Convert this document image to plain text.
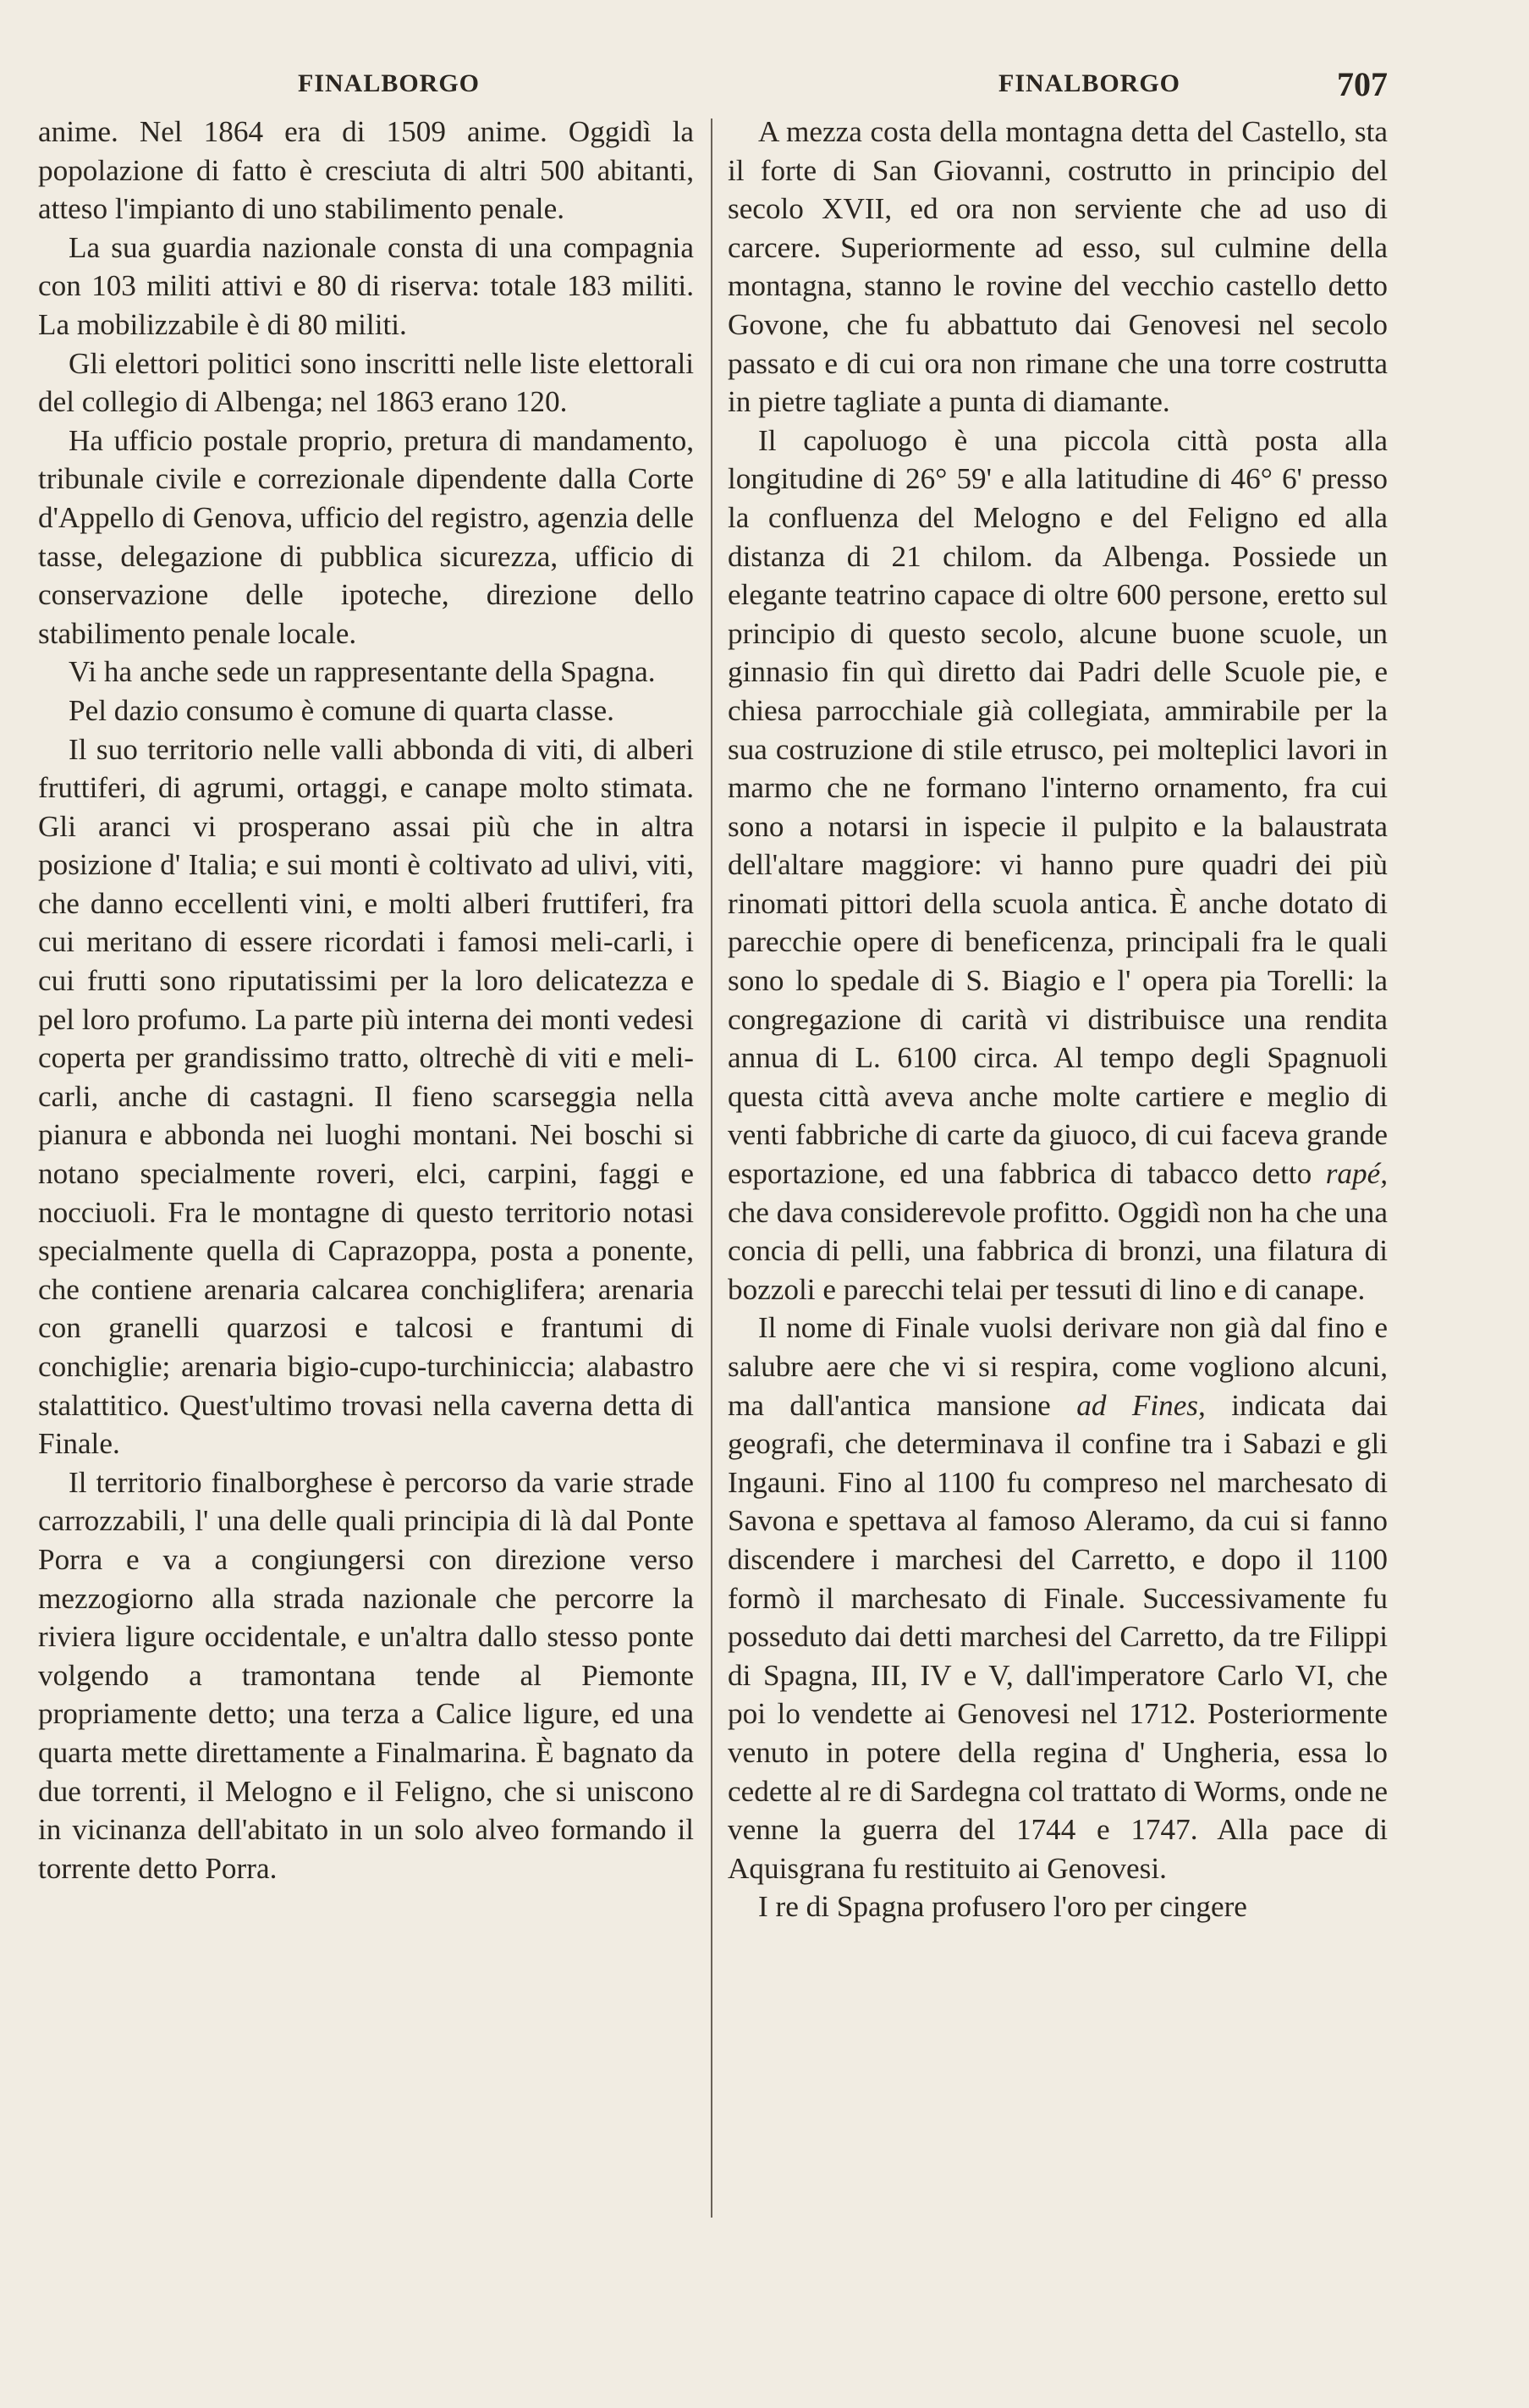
FINALBORGO	FINALBORGO	707

anime. Nel 1864 era di 1509 anime. Oggidì la popolazione di fatto è cresciuta di altri 500 abitanti, atteso l'impianto di uno stabilimento penale.

La sua guardia nazionale consta di una compagnia con 103 militi attivi e 80 di riserva: totale 183 militi. La mobilizzabile è di 80 militi.

Gli elettori politici sono inscritti nelle liste elettorali del collegio di Albenga; nel 1863 erano 120.

Ha ufficio postale proprio, pretura di mandamento, tribunale civile e correzionale dipendente dalla Corte d'Appello di Genova, ufficio del registro, agenzia delle tasse, delegazione di pubblica sicurezza, ufficio di conservazione delle ipoteche, direzione dello stabilimento penale locale.

Vi ha anche sede un rappresentante della Spagna.

Pel dazio consumo è comune di quarta classe.

Il suo territorio nelle valli abbonda di viti, di alberi fruttiferi, di agrumi, ortaggi, e canape molto stimata. Gli aranci vi prosperano assai più che in altra posizione d' Italia; e sui monti è coltivato ad ulivi, viti, che danno eccellenti vini, e molti alberi fruttiferi, fra cui meritano di essere ricordati i famosi meli-carli, i cui frutti sono riputatissimi per la loro delicatezza e pel loro profumo. La parte più interna dei monti vedesi coperta per grandissimo tratto, oltrechè di viti e meli-carli, anche di castagni. Il fieno scarseggia nella pianura e abbonda nei luoghi montani. Nei boschi si notano specialmente roveri, elci, carpini, faggi e nocciuoli. Fra le montagne di questo territorio notasi specialmente quella di Caprazoppa, posta a ponente, che contiene arenaria calcarea conchiglifera; arenaria con granelli quarzosi e talcosi e frantumi di conchiglie; arenaria bigio-cupo-turchiniccia; alabastro stalattitico. Quest'ultimo trovasi nella caverna detta di Finale.

Il territorio finalborghese è percorso da varie strade carrozzabili, l' una delle quali principia di là dal Ponte Porra e va a congiungersi con direzione verso mezzogiorno alla strada nazionale che percorre la riviera ligure occidentale, e un'altra dallo stesso ponte volgendo a tramontana tende al Piemonte propriamente detto; una terza a Calice ligure, ed una quarta mette direttamente a Finalmarina. È bagnato da due torrenti, il Melogno e il Feligno, che si uniscono in vicinanza dell'abitato in un solo alveo formando il torrente detto Porra.

A mezza costa della montagna detta del Castello, sta il forte di San Giovanni, costrutto in principio del secolo XVII, ed ora non serviente che ad uso di carcere. Superiormente ad esso, sul culmine della montagna, stanno le rovine del vecchio castello detto Govone, che fu abbattuto dai Genovesi nel secolo passato e di cui ora non rimane che una torre costrutta in pietre tagliate a punta di diamante.

Il capoluogo è una piccola città posta alla longitudine di 26° 59' e alla latitudine di 46° 6' presso la confluenza del Melogno e del Feligno ed alla distanza di 21 chilom. da Albenga. Possiede un elegante teatrino capace di oltre 600 persone, eretto sul principio di questo secolo, alcune buone scuole, un ginnasio fin quì diretto dai Padri delle Scuole pie, e chiesa parrocchiale già collegiata, ammirabile per la sua costruzione di stile etrusco, pei molteplici lavori in marmo che ne formano l'interno ornamento, fra cui sono a notarsi in ispecie il pulpito e la balaustrata dell'altare maggiore: vi hanno pure quadri dei più rinomati pittori della scuola antica. È anche dotato di parecchie opere di beneficenza, principali fra le quali sono lo spedale di S. Biagio e l' opera pia Torelli: la congregazione di carità vi distribuisce una rendita annua di L. 6100 circa. Al tempo degli Spagnuoli questa città aveva anche molte cartiere e meglio di venti fabbriche di carte da giuoco, di cui faceva grande esportazione, ed una fabbrica di tabacco detto rapé, che dava considerevole profitto. Oggidì non ha che una concia di pelli, una fabbrica di bronzi, una filatura di bozzoli e parecchi telai per tessuti di lino e di canape.

Il nome di Finale vuolsi derivare non già dal fino e salubre aere che vi si respira, come vogliono alcuni, ma dall'antica mansione ad Fines, indicata dai geografi, che determinava il confine tra i Sabazi e gli Ingauni. Fino al 1100 fu compreso nel marchesato di Savona e spettava al famoso Aleramo, da cui si fanno discendere i marchesi del Carretto, e dopo il 1100 formò il marchesato di Finale. Successivamente fu posseduto dai detti marchesi del Carretto, da tre Filippi di Spagna, III, IV e V, dall'imperatore Carlo VI, che poi lo vendette ai Genovesi nel 1712. Posteriormente venuto in potere della regina d' Ungheria, essa lo cedette al re di Sardegna col trattato di Worms, onde ne venne la guerra del 1744 e 1747. Alla pace di Aquisgrana fu restituito ai Genovesi.

I re di Spagna profusero l'oro per cingere
